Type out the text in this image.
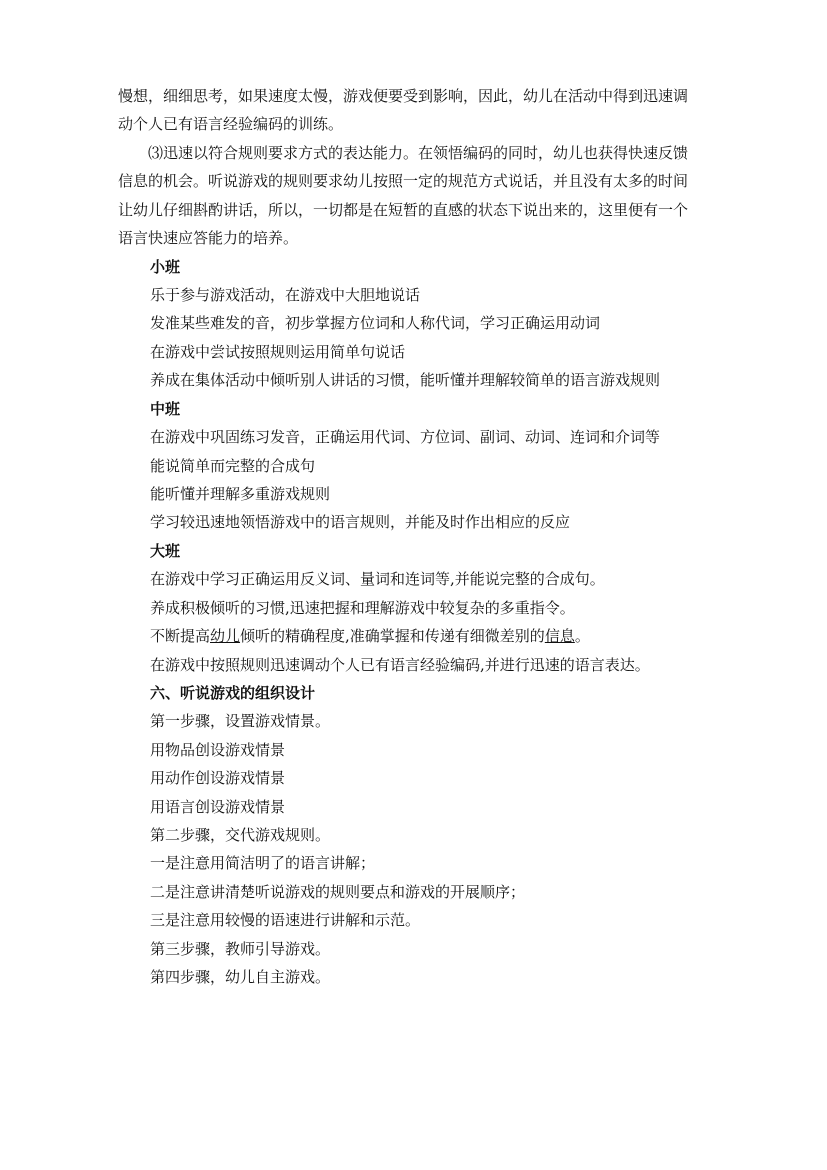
慢想，细细思考，如果速度太慢，游戏便要受到影响，因此，幼儿在活动中得到迅速调
动个人已有语言经验编码的训练。
⑶迅速以符合规则要求方式的表达能力。在领悟编码的同时，幼儿也获得快速反馈
信息的机会。听说游戏的规则要求幼儿按照一定的规范方式说话，并且没有太多的时间
让幼儿仔细斟酌讲话，所以，一切都是在短暂的直感的状态下说出来的，这里便有一个
语言快速应答能力的培养。
小班
乐于参与游戏活动，在游戏中大胆地说话
发准某些难发的音，初步掌握方位词和人称代词，学习正确运用动词
在游戏中尝试按照规则运用简单句说话
养成在集体活动中倾听别人讲话的习惯，能听懂并理解较简单的语言游戏规则
中班
在游戏中巩固练习发音，正确运用代词、方位词、副词、动词、连词和介词等
能说简单而完整的合成句
能听懂并理解多重游戏规则
学习较迅速地领悟游戏中的语言规则，并能及时作出相应的反应
大班
在游戏中学习正确运用反义词、量词和连词等,并能说完整的合成句。
养成积极倾听的习惯,迅速把握和理解游戏中较复杂的多重指令。
不断提高幼儿倾听的精确程度,准确掌握和传递有细微差别的信息。
在游戏中按照规则迅速调动个人已有语言经验编码,并进行迅速的语言表达。
六、听说游戏的组织设计
第一步骤，设置游戏情景。
用物品创设游戏情景
用动作创设游戏情景
用语言创设游戏情景
第二步骤，交代游戏规则。
一是注意用简洁明了的语言讲解；
二是注意讲清楚听说游戏的规则要点和游戏的开展顺序；
三是注意用较慢的语速进行讲解和示范。
第三步骤，教师引导游戏。
第四步骤，幼儿自主游戏。
